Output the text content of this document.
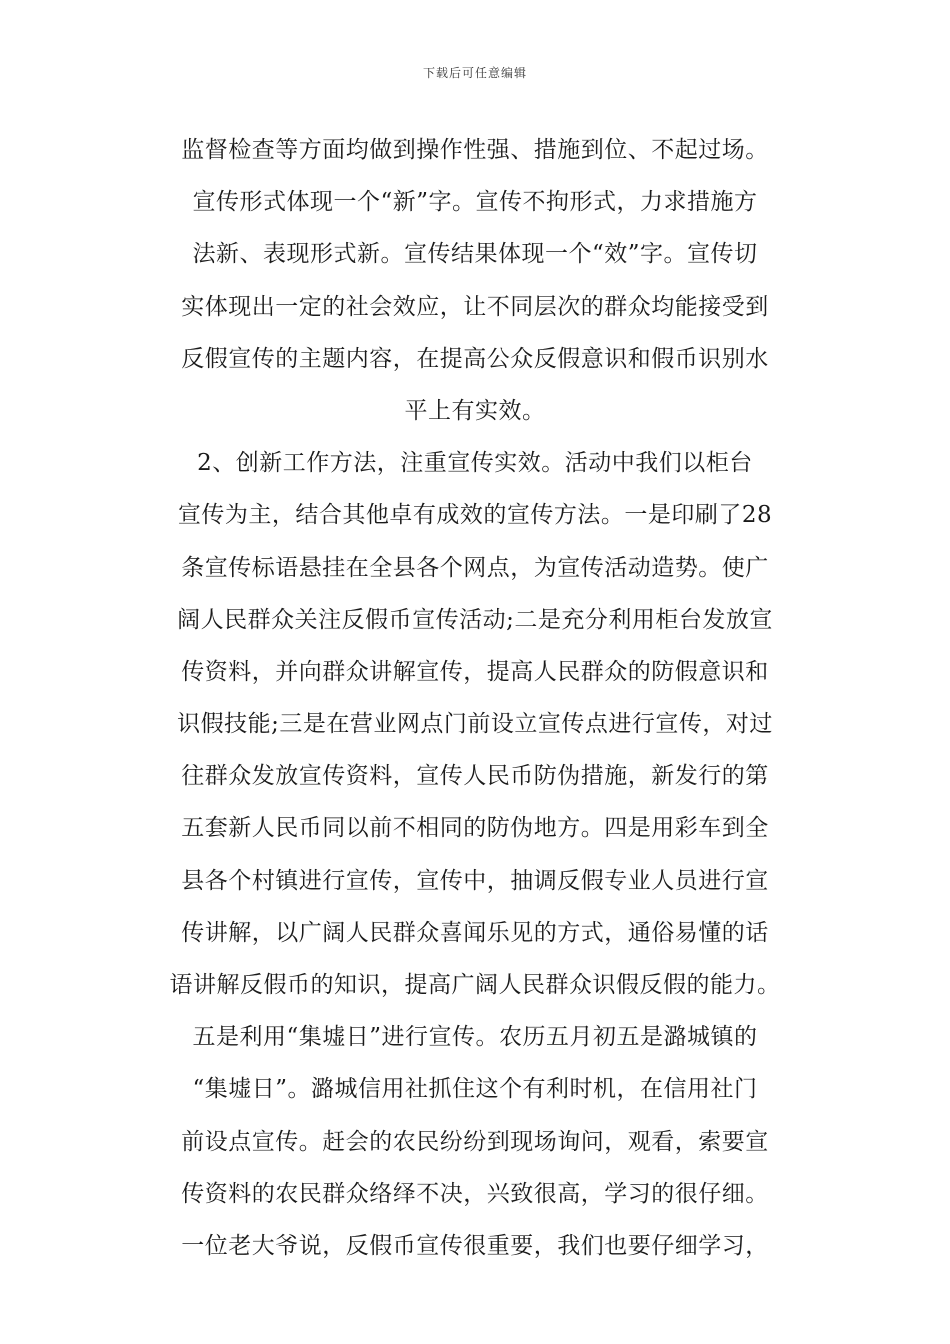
下载后可任意编辑
监督检查等方面均做到操作性强、措施到位、不起过场。
宣传形式体现一个“新”字。宣传不拘形式，力求措施方
法新、表现形式新。宣传结果体现一个“效”字。宣传切
实体现出一定的社会效应，让不同层次的群众均能接受到
反假宣传的主题内容，在提高公众反假意识和假币识别水
平上有实效。
2、创新工作方法，注重宣传实效。活动中我们以柜台
宣传为主，结合其他卓有成效的宣传方法。一是印刷了28
条宣传标语悬挂在全县各个网点，为宣传活动造势。使广
阔人民群众关注反假币宣传活动;二是充分利用柜台发放宣
传资料，并向群众讲解宣传，提高人民群众的防假意识和
识假技能;三是在营业网点门前设立宣传点进行宣传，对过
往群众发放宣传资料，宣传人民币防伪措施，新发行的第
五套新人民币同以前不相同的防伪地方。四是用彩车到全
县各个村镇进行宣传，宣传中，抽调反假专业人员进行宣
传讲解，以广阔人民群众喜闻乐见的方式，通俗易懂的话
语讲解反假币的知识，提高广阔人民群众识假反假的能力。
五是利用“集墟日”进行宣传。农历五月初五是潞城镇的
“集墟日”。潞城信用社抓住这个有利时机，在信用社门
前设点宣传。赶会的农民纷纷到现场询问，观看，索要宣
传资料的农民群众络绎不决，兴致很高，学习的很仔细。
一位老大爷说，反假币宣传很重要，我们也要仔细学习，
